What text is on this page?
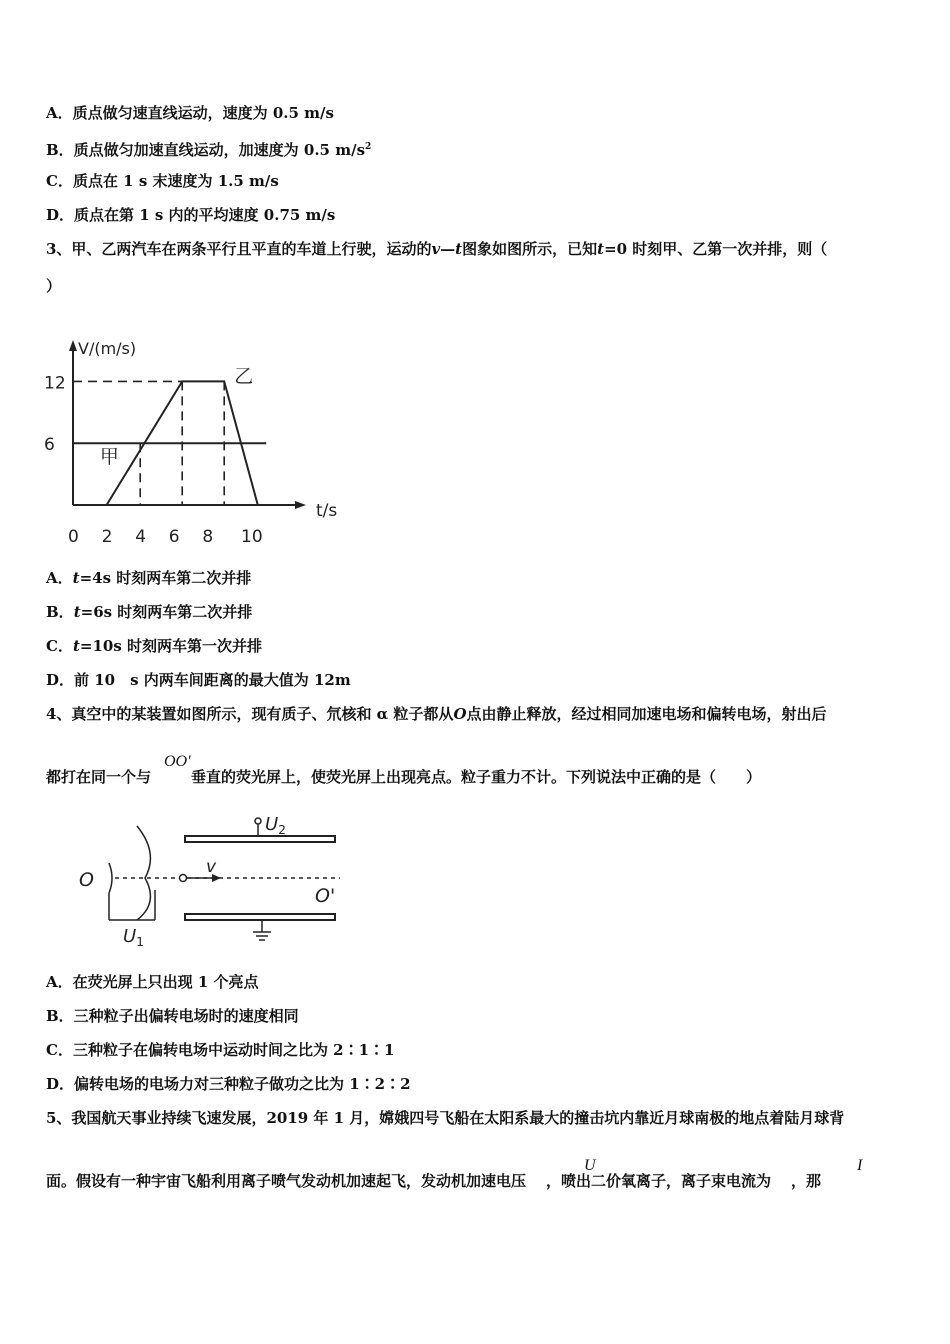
A．质点做匀速直线运动，速度为 0.5 m/s
B．质点做匀加速直线运动，加速度为 0.5 $m/s^2$
C．质点在 1 s 末速度为 1.5 m/s
D．质点在第 1 s 内的平均速度 0.75 m/s
3、甲、乙两汽车在两条平行且平直的车道上行驶，运动的v—t图象如图所示，已知t=0 时刻甲、乙第一次并排，则（
）
V/(m/s)
t/s
甲
乙
12
6
0 2 4 6 8 10
A．t=4s 时刻两车第二次并排
B．t=6s 时刻两车第二次并排
C．t=10s 时刻两车第一次并排
D．前 10　s 内两车间距离的最大值为 12m
4、真空中的某装置如图所示，现有质子、氘核和 α 粒子都从O点由静止释放，经过相同加速电场和偏转电场，射出后
都打在同一个与	垂直的荧光屏上，使荧光屏上出现亮点。粒子重力不计。下列说法中正确的是（　　）
OO'
$U_2$
v
O
O'
$U_1$
A．在荧光屏上只出现 1 个亮点
B．三种粒子出偏转电场时的速度相同
C．三种粒子在偏转电场中运动时间之比为 2∶1∶1
D．偏转电场的电场力对三种粒子做功之比为 1∶2∶2
5、我国航天事业持续飞速发展，2019 年 1 月，嫦娥四号飞船在太阳系最大的撞击坑内靠近月球南极的地点着陆月球背
面。假设有一种宇宙飞船利用离子喷气发动机加速起飞，发动机加速电压 ，喷出二价氧离子，离子束电流为 ，那
U	I
